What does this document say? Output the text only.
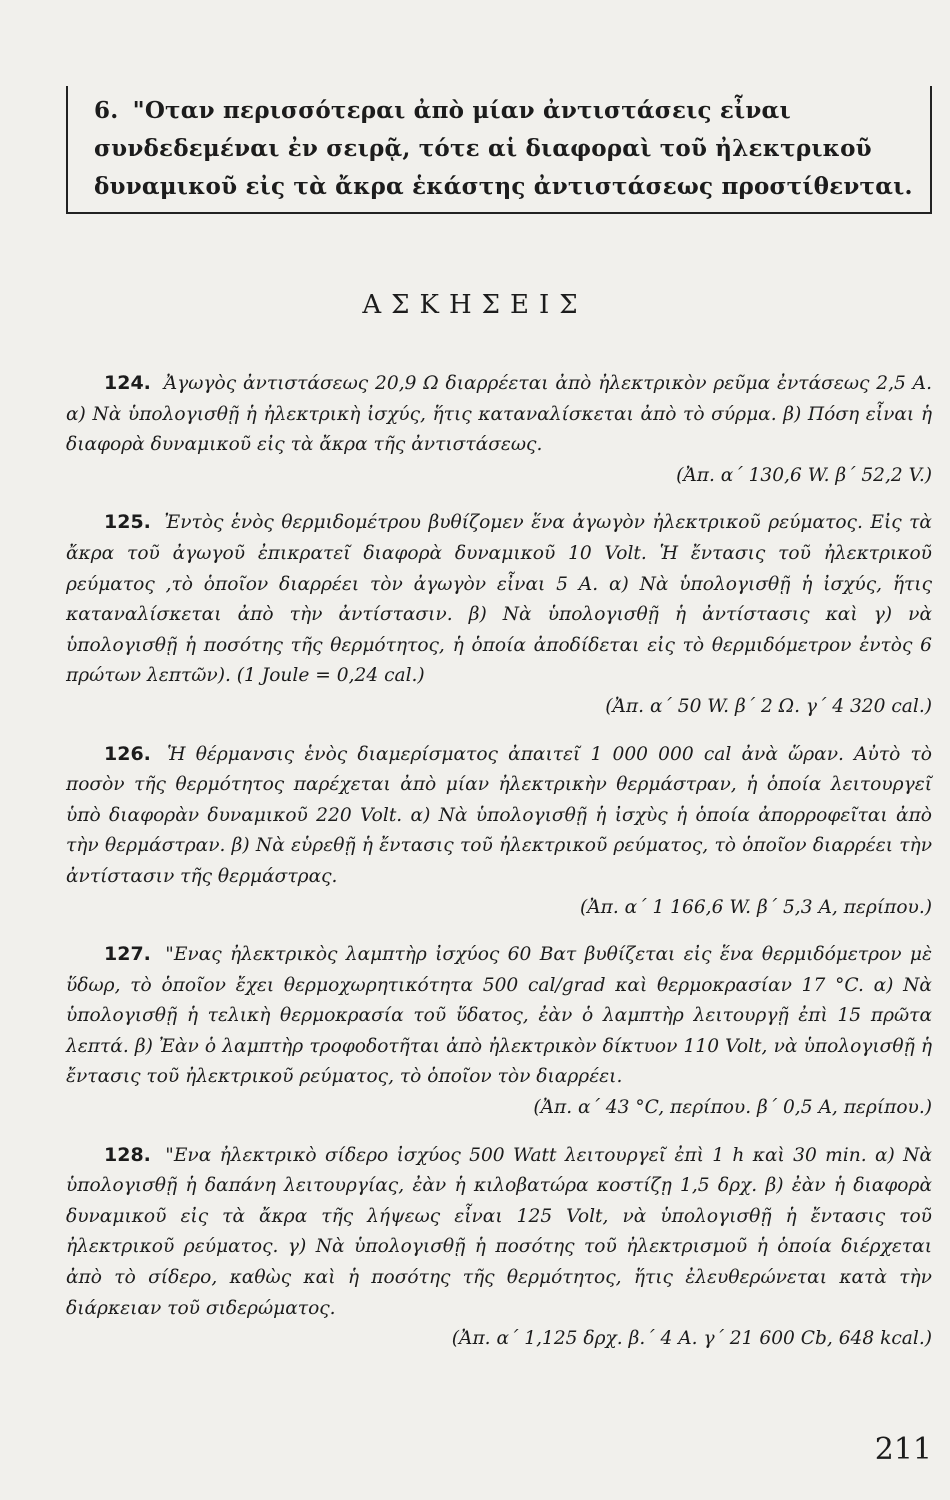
6. "Οταν περισσότεραι ἀπὸ μίαν ἀντιστάσεις εἶναι συνδεδεμέναι ἐν σειρᾷ, τότε αἱ διαφοραὶ τοῦ ἠλεκτρικοῦ δυναμικοῦ εἰς τὰ ἄκρα ἑκάστης ἀντιστάσεως προστίθενται.
ΑΣΚΗΣΕΙΣ
124. Ἀγωγὸς ἀντιστάσεως 20,9 Ω διαρρέεται ἀπὸ ἠλεκτρικὸν ρεῦμα ἐντάσεως 2,5 A. α) Νὰ ὑπολογισθῇ ἡ ἠλεκτρικὴ ἰσχύς, ἥτις καταναλίσκεται ἀπὸ τὸ σύρμα. β) Πόση εἶναι ἡ διαφορὰ δυναμικοῦ εἰς τὰ ἄκρα τῆς ἀντιστάσεως.
(Ἀπ. α΄ 130,6 W. β΄ 52,2 V.)
125. Ἐντὸς ἑνὸς θερμιδομέτρου βυθίζομεν ἕνα ἀγωγὸν ἠλεκτρικοῦ ρεύματος. Εἰς τὰ ἄκρα τοῦ ἀγωγοῦ ἐπικρατεῖ διαφορὰ δυναμικοῦ 10 Volt. Ἡ ἔντασις τοῦ ἠλεκτρικοῦ ρεύματος ,τὸ ὁποῖον διαρρέει τὸν ἀγωγὸν εἶναι 5 A. α) Νὰ ὑπολογισθῇ ἡ ἰσχύς, ἥτις καταναλίσκεται ἀπὸ τὴν ἀντίστασιν. β) Νὰ ὑπολογισθῇ ἡ ἀντίστασις καὶ γ) νὰ ὑπολογισθῇ ἡ ποσότης τῆς θερμότητος, ἡ ὁποία ἀποδίδεται εἰς τὸ θερμιδόμετρον ἐντὸς 6 πρώτων λεπτῶν). (1 Joule = 0,24 cal.)
(Ἀπ. α΄ 50 W. β΄ 2 Ω. γ΄ 4 320 cal.)
126. Ἡ θέρμανσις ἑνὸς διαμερίσματος ἀπαιτεῖ 1 000 000 cal ἀνὰ ὥραν. Αὐτὸ τὸ ποσὸν τῆς θερμότητος παρέχεται ἀπὸ μίαν ἠλεκτρικὴν θερμάστραν, ἡ ὁποία λειτουργεῖ ὑπὸ διαφορὰν δυναμικοῦ 220 Volt. α) Νὰ ὑπολογισθῇ ἡ ἰσχὺς ἡ ὁποία ἀπορροφεῖται ἀπὸ τὴν θερμάστραν. β) Νὰ εὑρεθῇ ἡ ἔντασις τοῦ ἠλεκτρικοῦ ρεύματος, τὸ ὁποῖον διαρρέει τὴν ἀντίστασιν τῆς θερμάστρας.
(Ἀπ. α΄ 1 166,6 W. β΄ 5,3 A, περίπου.)
127. "Ενας ἠλεκτρικὸς λαμπτὴρ ἰσχύος 60 Βατ βυθίζεται εἰς ἕνα θερμιδόμετρον μὲ ὕδωρ, τὸ ὁποῖον ἔχει θερμοχωρητικότητα 500 cal/grad καὶ θερμοκρασίαν 17 °C. α) Νὰ ὑπολογισθῇ ἡ τελικὴ θερμοκρασία τοῦ ὕδατος, ἐὰν ὁ λαμπτὴρ λειτουργῇ ἐπὶ 15 πρῶτα λεπτά. β) Ἐὰν ὁ λαμπτὴρ τροφοδοτῆται ἀπὸ ἠλεκτρικὸν δίκτυον 110 Volt, νὰ ὑπολογισθῇ ἡ ἔντασις τοῦ ἠλεκτρικοῦ ρεύματος, τὸ ὁποῖον τὸν διαρρέει.
(Ἀπ. α΄ 43 °C, περίπου. β΄ 0,5 A, περίπου.)
128. "Ενα ἠλεκτρικὸ σίδερο ἰσχύος 500 Watt λειτουργεῖ ἐπὶ 1 h καὶ 30 min. α) Νὰ ὑπολογισθῇ ἡ δαπάνη λειτουργίας, ἐὰν ἡ κιλοβατώρα κοστίζῃ 1,5 δρχ. β) ἐὰν ἡ διαφορὰ δυναμικοῦ εἰς τὰ ἄκρα τῆς λήψεως εἶναι 125 Volt, νὰ ὑπολογισθῇ ἡ ἔντασις τοῦ ἠλεκτρικοῦ ρεύματος. γ) Νὰ ὑπολογισθῇ ἡ ποσότης τοῦ ἠλεκτρισμοῦ ἡ ὁποία διέρχεται ἀπὸ τὸ σίδερο, καθὼς καὶ ἡ ποσότης τῆς θερμότητος, ἥτις ἐλευθερώνεται κατὰ τὴν διάρκειαν τοῦ σιδερώματος.
(Ἀπ. α΄ 1,125 δρχ. β.΄ 4 A. γ΄ 21 600 Cb, 648 kcal.)
211
